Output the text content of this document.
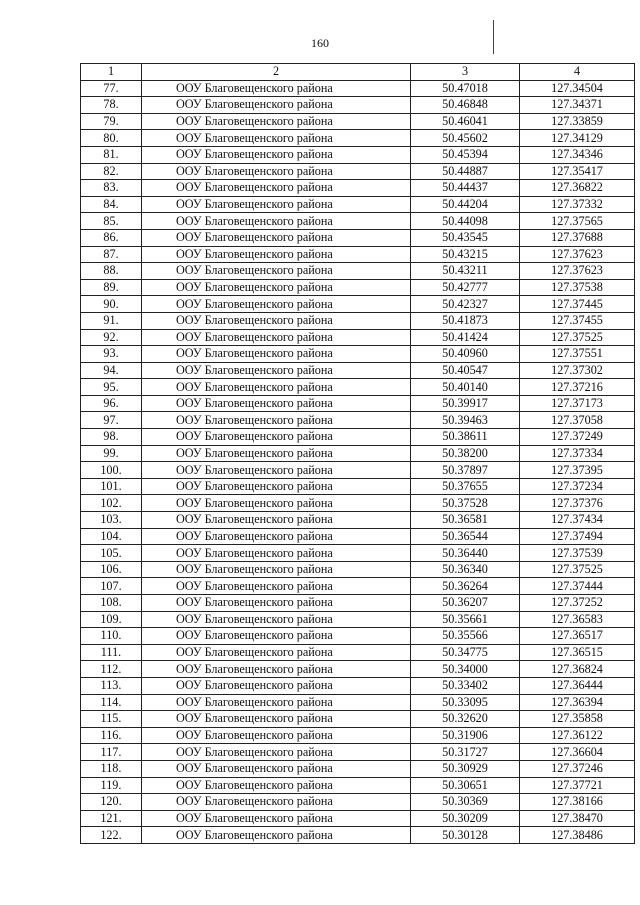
160
1	2	3	4
77.	ООУ Благовещенского района	50.47018	127.34504
78.	ООУ Благовещенского района	50.46848	127.34371
79.	ООУ Благовещенского района	50.46041	127.33859
80.	ООУ Благовещенского района	50.45602	127.34129
81.	ООУ Благовещенского района	50.45394	127.34346
82.	ООУ Благовещенского района	50.44887	127.35417
83.	ООУ Благовещенского района	50.44437	127.36822
84.	ООУ Благовещенского района	50.44204	127.37332
85.	ООУ Благовещенского района	50.44098	127.37565
86.	ООУ Благовещенского района	50.43545	127.37688
87.	ООУ Благовещенского района	50.43215	127.37623
88.	ООУ Благовещенского района	50.43211	127.37623
89.	ООУ Благовещенского района	50.42777	127.37538
90.	ООУ Благовещенского района	50.42327	127.37445
91.	ООУ Благовещенского района	50.41873	127.37455
92.	ООУ Благовещенского района	50.41424	127.37525
93.	ООУ Благовещенского района	50.40960	127.37551
94.	ООУ Благовещенского района	50.40547	127.37302
95.	ООУ Благовещенского района	50.40140	127.37216
96.	ООУ Благовещенского района	50.39917	127.37173
97.	ООУ Благовещенского района	50.39463	127.37058
98.	ООУ Благовещенского района	50.38611	127.37249
99.	ООУ Благовещенского района	50.38200	127.37334
100.	ООУ Благовещенского района	50.37897	127.37395
101.	ООУ Благовещенского района	50.37655	127.37234
102.	ООУ Благовещенского района	50.37528	127.37376
103.	ООУ Благовещенского района	50.36581	127.37434
104.	ООУ Благовещенского района	50.36544	127.37494
105.	ООУ Благовещенского района	50.36440	127.37539
106.	ООУ Благовещенского района	50.36340	127.37525
107.	ООУ Благовещенского района	50.36264	127.37444
108.	ООУ Благовещенского района	50.36207	127.37252
109.	ООУ Благовещенского района	50.35661	127.36583
110.	ООУ Благовещенского района	50.35566	127.36517
111.	ООУ Благовещенского района	50.34775	127.36515
112.	ООУ Благовещенского района	50.34000	127.36824
113.	ООУ Благовещенского района	50.33402	127.36444
114.	ООУ Благовещенского района	50.33095	127.36394
115.	ООУ Благовещенского района	50.32620	127.35858
116.	ООУ Благовещенского района	50.31906	127.36122
117.	ООУ Благовещенского района	50.31727	127.36604
118.	ООУ Благовещенского района	50.30929	127.37246
119.	ООУ Благовещенского района	50.30651	127.37721
120.	ООУ Благовещенского района	50.30369	127.38166
121.	ООУ Благовещенского района	50.30209	127.38470
122.	ООУ Благовещенского района	50.30128	127.38486
